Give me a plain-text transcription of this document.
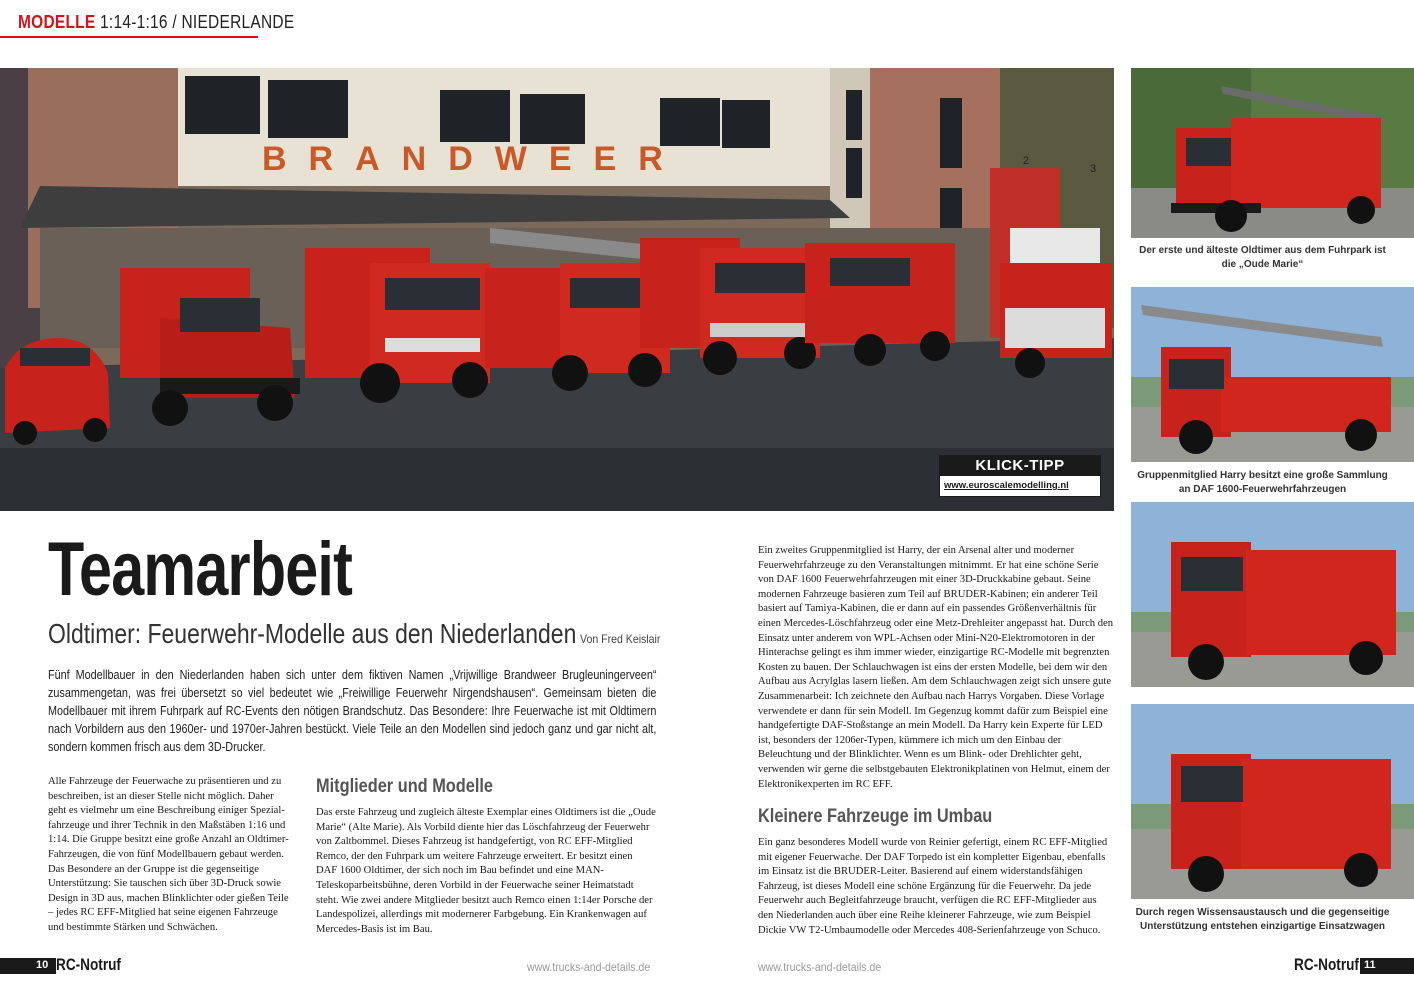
MODELLE 1:14-1:16 / NIEDERLANDE
BRANDWEER	2
3
KLICK-TIPP
www.euroscalemodelling.nl
Der erste und älteste Oldtimer aus dem Fuhrpark ist die „Oude Marie“
Gruppenmitglied Harry besitzt eine große Sammlung an DAF 1600-Feuerwehrfahrzeugen
Durch regen Wissensaustausch und die gegenseitige Unterstützung entstehen einzigartige Einsatzwagen
Teamarbeit
Oldtimer: Feuerwehr-Modelle aus den Niederlanden Von Fred Keislair

Fünf Modellbauer in den Niederlanden haben sich unter dem fiktiven Namen „Vrijwillige Brandweer Brugleuningerveen“ zusammengetan, was frei übersetzt so viel bedeutet wie „Freiwillige Feuerwehr Nirgendshausen“. Gemeinsam bieten die Modellbauer mit ihrem Fuhrpark auf RC-Events den nötigen Brandschutz. Das Besondere: Ihre Feuerwache ist mit Oldtimern nach Vorbildern aus den 1960er- und 1970er-Jahren bestückt. Viele Teile an den Modellen sind jedoch ganz und gar nicht alt, sondern kommen frisch aus dem 3D-Drucker.

Alle Fahrzeuge der Feuerwache zu präsentieren und zu beschreiben, ist an dieser Stelle nicht möglich. Daher geht es vielmehr um eine Beschreibung einiger Spezialfahrzeuge und ihrer Technik in den Maßstäben 1:16 und 1:14. Die Gruppe besitzt eine große Anzahl an Oldtimer-Fahrzeugen, die von fünf Modellbauern gebaut werden. Das Besondere an der Gruppe ist die gegenseitige Unterstützung: Sie tauschen sich über 3D-Druck sowie Design in 3D aus, machen Blinklichter oder gießen Teile – jedes RC EFF-Mitglied hat seine eigenen Fahrzeuge und bestimmte Stärken und Schwächen.

Mitglieder und Modelle

Das erste Fahrzeug und zugleich älteste Exemplar eines Oldtimers ist die „Oude Marie“ (Alte Marie). Als Vorbild diente hier das Löschfahrzeug der Feuerwehr von Zaltbommel. Dieses Fahrzeug ist handgefertigt, von RC EFF-Mitglied Remco, der den Fuhrpark um weitere Fahrzeuge erweitert. Er besitzt einen DAF 1600 Oldtimer, der sich noch im Bau befindet und eine MAN-Teleskoparbeitsbühne, deren Vorbild in der Feuerwache seiner Heimatstadt steht. Wie zwei andere Mitglieder besitzt auch Remco einen 1:14er Porsche der Landespolizei, allerdings mit modernerer Farbgebung. Ein Krankenwagen auf Mercedes-Basis ist im Bau.

Ein zweites Gruppenmitglied ist Harry, der ein Arsenal alter und moderner Feuerwehrfahrzeuge zu den Veranstaltungen mitnimmt. Er hat eine schöne Serie von DAF 1600 Feuerwehrfahrzeugen mit einer 3D-Druckkabine gebaut. Seine modernen Fahrzeuge basieren zum Teil auf BRUDER-Kabinen; ein anderer Teil basiert auf Tamiya-Kabinen, die er dann auf ein passendes Größenverhältnis für einen Mercedes-Löschfahrzeug oder eine Metz-Drehleiter angepasst hat. Durch den Einsatz unter anderem von WPL-Achsen oder Mini-N20-Elektromotoren in der Hinterachse gelingt es ihm immer wieder, einzigartige RC-Modelle mit begrenzten Kosten zu bauen. Der Schlauchwagen ist eins der ersten Modelle, bei dem wir den Aufbau aus Acrylglas lasern ließen. Am dem Schlauchwagen zeigt sich unsere gute Zusammenarbeit: Ich zeichnete den Aufbau nach Harrys Vorgaben. Diese Vorlage verwendete er dann für sein Modell. Im Gegenzug kommt dafür zum Beispiel eine handgefertigte DAF-Stoßstange an mein Modell. Da Harry kein Experte für LED ist, besonders der 1206er-Typen, kümmere ich mich um den Einbau der Beleuchtung und der Blinklichter. Wenn es um Blink- oder Drehlichter geht, verwenden wir gerne die selbstgebauten Elektronikplatinen von Helmut, einem der Elektronikexperten im RC EFF.

Kleinere Fahrzeuge im Umbau

Ein ganz besonderes Modell wurde von Reinier gefertigt, einem RC EFF-Mitglied mit eigener Feuerwache. Der DAF Torpedo ist ein kompletter Eigenbau, ebenfalls im Einsatz ist die BRUDER-Leiter. Basierend auf einem widerstandsfähigen Fahrzeug, ist dieses Modell eine schöne Ergänzung für die Feuerwehr. Da jede Feuerwehr auch Begleitfahrzeuge braucht, verfügen die RC EFF-Mitglieder aus den Niederlanden auch über eine Reihe kleinerer Fahrzeuge, wie zum Beispiel Dickie VW T2-Umbaumodelle oder Mercedes 408-Serienfahrzeuge von Schuco.

10 RC-Notruf	www.trucks-and-details.de	www.trucks-and-details.de	RC-Notruf 11
